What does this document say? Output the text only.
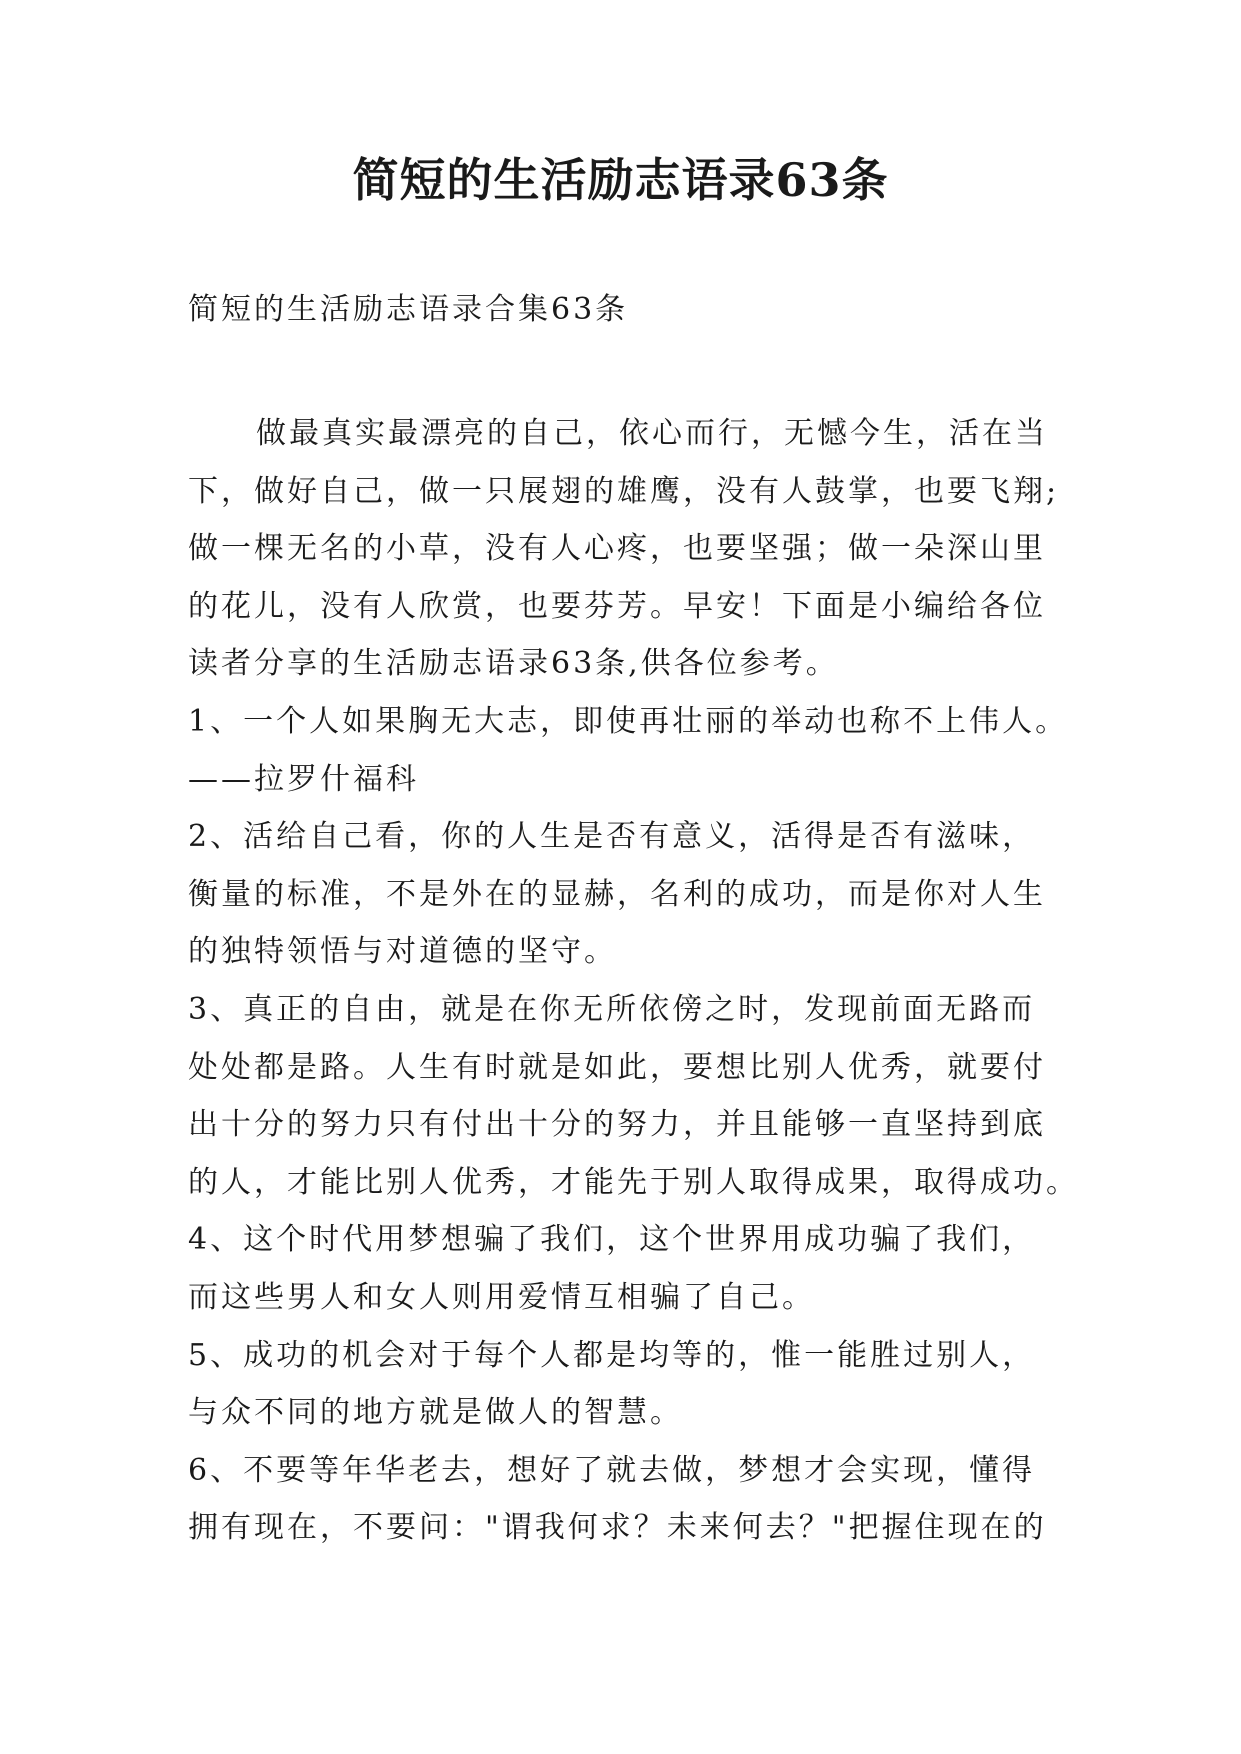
简短的生活励志语录63条
简短的生活励志语录合集63条
做最真实最漂亮的自己，依心而行，无憾今生，活在当
下，做好自己，做一只展翅的雄鹰，没有人鼓掌，也要飞翔;
做一棵无名的小草，没有人心疼，也要坚强；做一朵深山里
的花儿，没有人欣赏，也要芬芳。早安！下面是小编给各位
读者分享的生活励志语录63条,供各位参考。
1、一个人如果胸无大志，即使再壮丽的举动也称不上伟人。
——拉罗什福科
2、活给自己看，你的人生是否有意义，活得是否有滋味，
衡量的标准，不是外在的显赫，名利的成功，而是你对人生
的独特领悟与对道德的坚守。
3、真正的自由，就是在你无所依傍之时，发现前面无路而
处处都是路。人生有时就是如此，要想比别人优秀，就要付
出十分的努力只有付出十分的努力，并且能够一直坚持到底
的人，才能比别人优秀，才能先于别人取得成果，取得成功。
4、这个时代用梦想骗了我们，这个世界用成功骗了我们，
而这些男人和女人则用爱情互相骗了自己。
5、成功的机会对于每个人都是均等的，惟一能胜过别人，
与众不同的地方就是做人的智慧。
6、不要等年华老去，想好了就去做，梦想才会实现，懂得
拥有现在，不要问："谓我何求？未来何去？"把握住现在的
